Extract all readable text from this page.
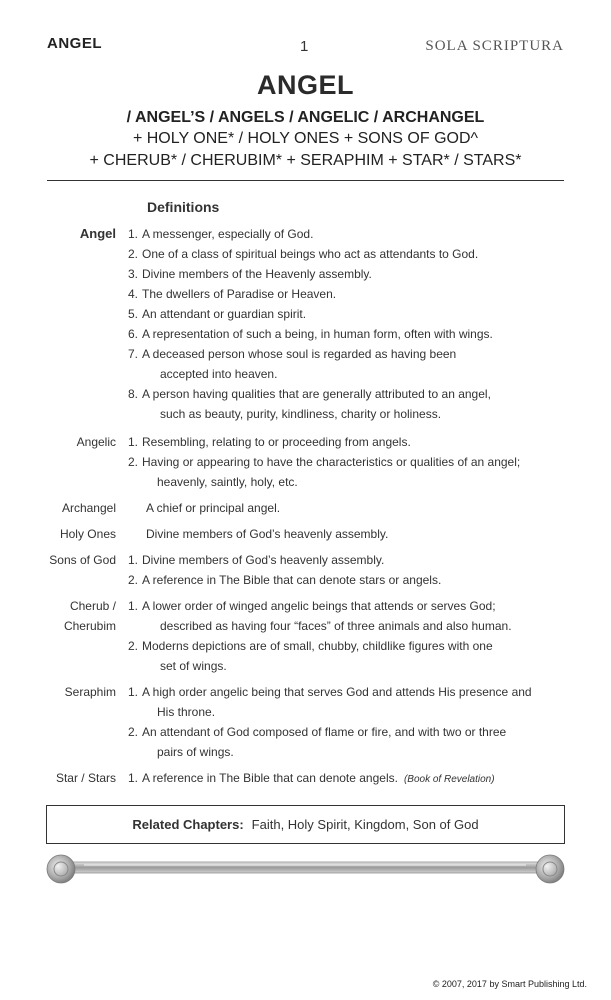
ANGEL	1	SOLA SCRIPTURA
ANGEL
/ ANGEL’S / ANGELS / ANGELIC / ARCHANGEL
+ HOLY ONE* / HOLY ONES + SONS OF GOD^
+ CHERUB* / CHERUBIM* + SERAPHIM + STAR* / STARS*
Definitions
Angel 1. A messenger, especially of God.
2. One of a class of spiritual beings who act as attendants to God.
3. Divine members of the Heavenly assembly.
4. The dwellers of Paradise or Heaven.
5. An attendant or guardian spirit.
6. A representation of such a being, in human form, often with wings.
7. A deceased person whose soul is regarded as having been
accepted into heaven.
8. A person having qualities that are generally attributed to an angel,
such as beauty, purity, kindliness, charity or holiness.
Angelic 1. Resembling, relating to or proceeding from angels.
2. Having or appearing to have the characteristics or qualities of an angel;
heavenly, saintly, holy, etc.
Archangel	A chief or principal angel.
Holy Ones	Divine members of God’s heavenly assembly.
Sons of God 1. Divine members of God’s heavenly assembly.
2. A reference in The Bible that can denote stars or angels.
Cherub /
Cherubim
1. A lower order of winged angelic beings that attends or serves God;
described as having four “faces” of three animals and also human.
2. Moderns depictions are of small, chubby, childlike figures with one
set of wings.
Seraphim 1. A high order angelic being that serves God and attends His presence and
His throne.
2. An attendant of God composed of flame or fire, and with two or three
pairs of wings.
Star / Stars 1. A reference in The Bible that can denote angels. (Book of Revelation)
Related Chapters: Faith, Holy Spirit, Kingdom, Son of God
© 2007, 2017 by Smart Publishing Ltd.
